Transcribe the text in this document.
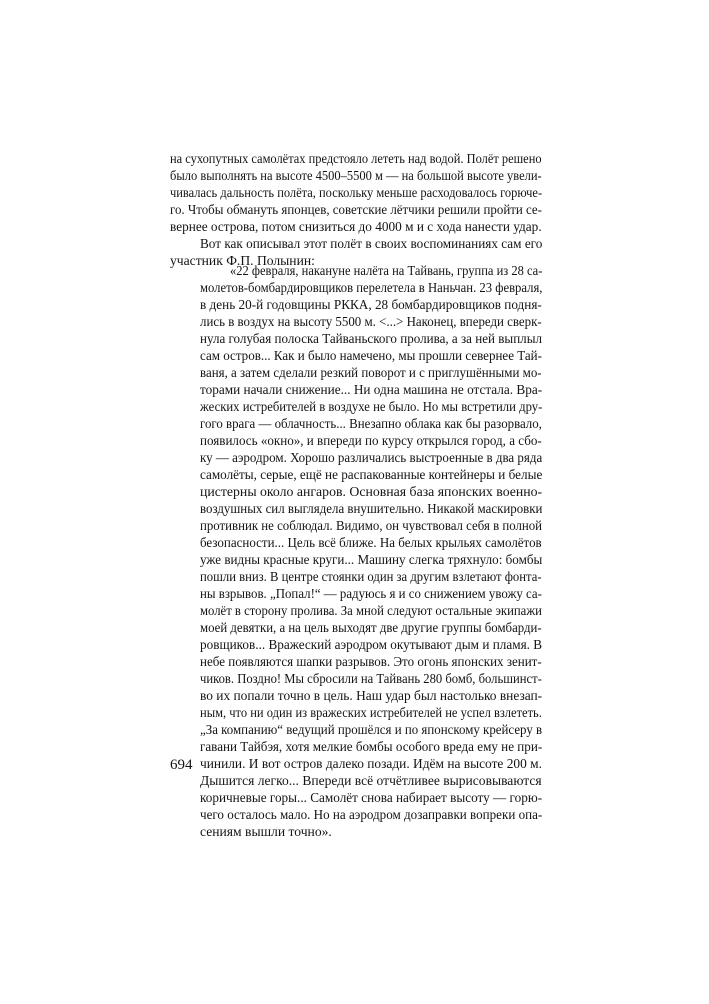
на сухопутных самолётах предстояло лететь над водой. Полёт решено
было выполнять на высоте 4500–5500 м — на большой высоте увели-
чивалась дальность полёта, поскольку меньше расходовалось горюче-
го. Чтобы обмануть японцев, советские лётчики решили пройти се-
вернее острова, потом снизиться до 4000 м и с хода нанести удар.
Вот как описывал этот полёт в своих воспоминаниях сам его
участник Ф.П. Полынин:
«22 февраля, накануне налёта на Тайвань, группа из 28 са-
молетов-бомбардировщиков перелетела в Наньчан. 23 февраля,
в день 20-й годовщины РККА, 28 бомбардировщиков подня-
лись в воздух на высоту 5500 м. <...> Наконец, впереди сверк-
нула голубая полоска Тайваньского пролива, а за ней выплыл
сам остров... Как и было намечено, мы прошли севернее Тай-
ваня, а затем сделали резкий поворот и с приглушёнными мо-
торами начали снижение... Ни одна машина не отстала. Вра-
жеских истребителей в воздухе не было. Но мы встретили дру-
гого врага — облачность... Внезапно облака как бы разорвало,
появилось «окно», и впереди по курсу открылся город, а сбо-
ку — аэродром. Хорошо различались выстроенные в два ряда
самолёты, серые, ещё не распакованные контейнеры и белые
цистерны около ангаров. Основная база японских военно-
воздушных сил выглядела внушительно. Никакой маскировки
противник не соблюдал. Видимо, он чувствовал себя в полной
безопасности... Цель всё ближе. На белых крыльях самолётов
уже видны красные круги... Машину слегка тряхнуло: бомбы
пошли вниз. В центре стоянки один за другим взлетают фонта-
ны взрывов. „Попал!“ — радуюсь я и со снижением увожу са-
молёт в сторону пролива. За мной следуют остальные экипажи
моей девятки, а на цель выходят две другие группы бомбарди-
ровщиков... Вражеский аэродром окутывают дым и пламя. В
небе появляются шапки разрывов. Это огонь японских зенит-
чиков. Поздно! Мы сбросили на Тайвань 280 бомб, большинст-
во их попали точно в цель. Наш удар был настолько внезап-
ным, что ни один из вражеских истребителей не успел взлететь.
„За компанию“ ведущий прошёлся и по японскому крейсеру в
гавани Тайбэя, хотя мелкие бомбы особого вреда ему не при-
чинили. И вот остров далеко позади. Идём на высоте 200 м.
Дышится легко... Впереди всё отчётливее вырисовываются
коричневые горы... Самолёт снова набирает высоту — горю-
чего осталось мало. Но на аэродром дозаправки вопреки опа-
сениям вышли точно».
694
